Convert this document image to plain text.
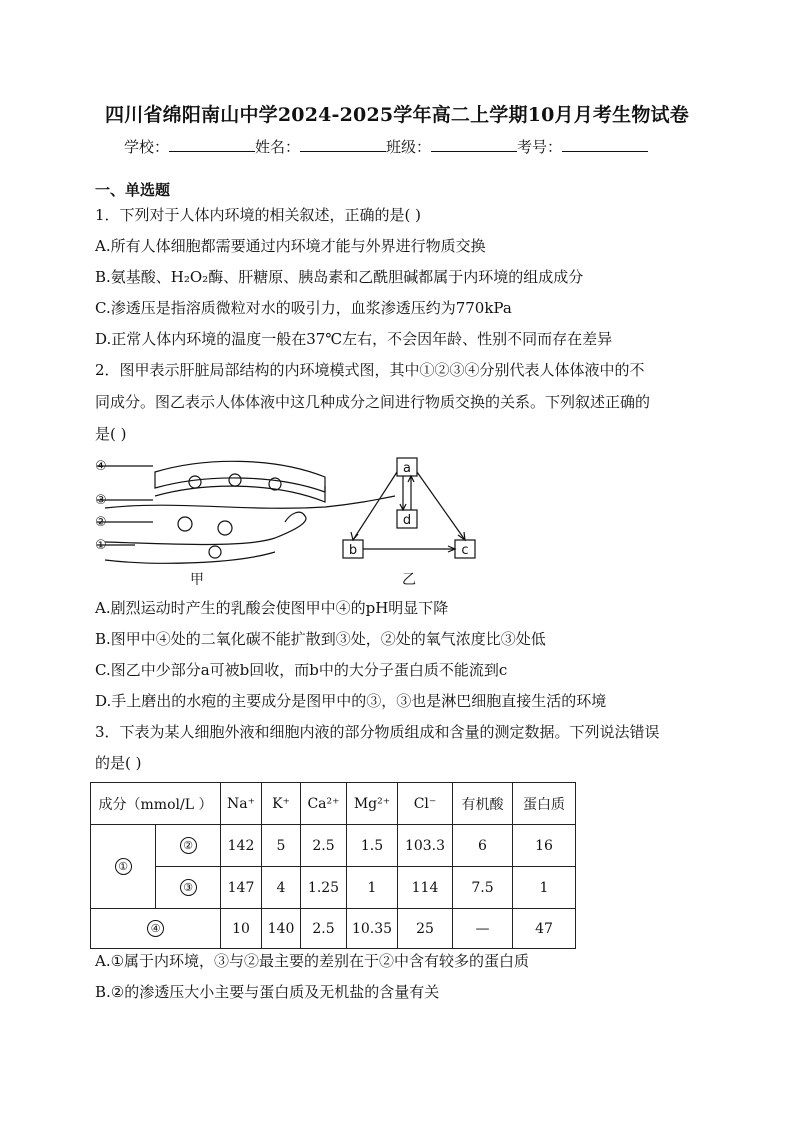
四川省绵阳南山中学2024-2025学年高二上学期10月月考生物试卷
学校：	姓名：	班级：	考号：
一、单选题
1．下列对于人体内环境的相关叙述，正确的是( )
A.所有人体细胞都需要通过内环境才能与外界进行物质交换
B.氨基酸、H₂O₂酶、肝糖原、胰岛素和乙酰胆碱都属于内环境的组成成分
C.渗透压是指溶质微粒对水的吸引力，血浆渗透压约为770kPa
D.正常人体内环境的温度一般在37℃左右，不会因年龄、性别不同而存在差异
2．图甲表示肝脏局部结构的内环境模式图，其中①②③④分别代表人体体液中的不
同成分。图乙表示人体体液中这几种成分之间进行物质交换的关系。下列叙述正确的
是( )
④
③
②
①
甲
a
d
b	c
乙
A.剧烈运动时产生的乳酸会使图甲中④的pH明显下降
B.图甲中④处的二氧化碳不能扩散到③处，②处的氧气浓度比③处低
C.图乙中少部分a可被b回收，而b中的大分子蛋白质不能流到c
D.手上磨出的水疱的主要成分是图甲中的③，③也是淋巴细胞直接生活的环境
3．下表为某人细胞外液和细胞内液的部分物质组成和含量的测定数据。下列说法错误
的是( )
成分（mmol/L ）		Na⁺	K⁺	Ca²⁺	Mg²⁺	Cl⁻	有机酸	蛋白质
①	②	142	5	2.5	1.5	103.3	6	16
	③	147	4	1.25	1	114	7.5	1
④		10	140	2.5	10.35	25	—	47
A.①属于内环境，③与②最主要的差别在于②中含有较多的蛋白质
B.②的渗透压大小主要与蛋白质及无机盐的含量有关
